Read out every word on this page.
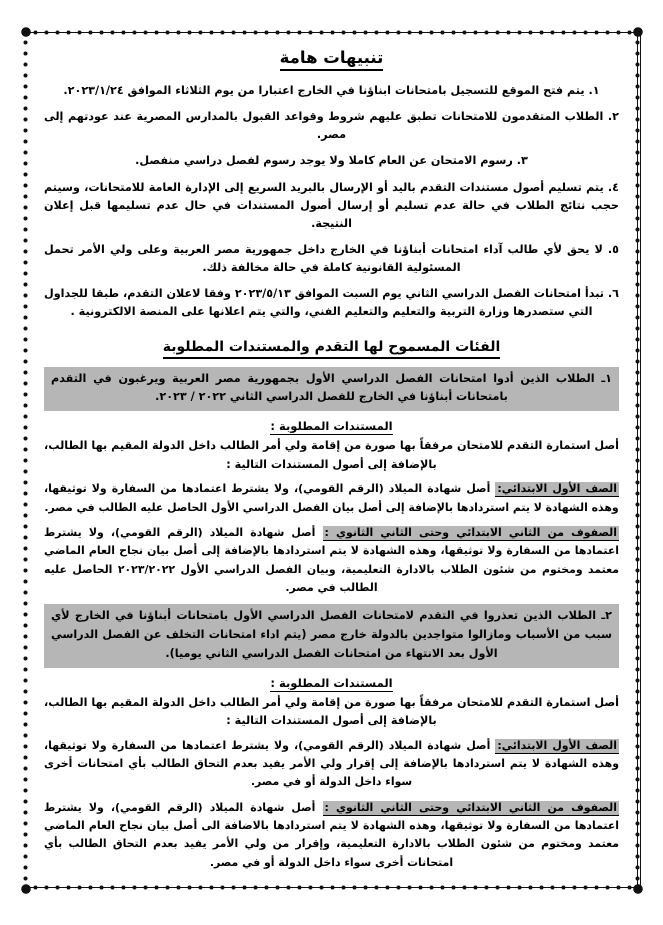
تنبيهات هامة
١. يتم فتح الموقع للتسجيل بامتحانات ابناؤنا في الخارج اعتبارا من يوم الثلاثاء الموافق ٢٠٢٣/١/٢٤.
٢. الطلاب المتقدمون للامتحانات تطبق عليهم شروط وقواعد القبول بالمدارس المصرية عند عودتهم إلى مصر.
٣. رسوم الامتحان عن العام كاملا ولا يوجد رسوم لفصل دراسي منفصل.
٤. يتم تسليم أصول مستندات التقدم باليد أو الإرسال بالبريد السريع إلى الإدارة العامة للامتحانات، وسيتم حجب نتائج الطلاب في حالة عدم تسليم أو إرسال أصول المستندات في حال عدم تسليمها قبل إعلان النتيجة.
٥. لا يحق لأي طالب آداء امتحانات أبناؤنا في الخارج داخل جمهورية مصر العربية وعلى ولي الأمر تحمل المسئولية القانونية كاملة في حالة مخالفة ذلك.
٦. تبدأ امتحانات الفصل الدراسي الثاني يوم السبت الموافق ٢٠٢٣/٥/١٣ وفقا لاعلان التقدم، طبقا للجداول التي ستصدرها وزارة التربية والتعليم والتعليم الفني، والتي يتم اعلانها على المنصة الالكترونية .
الفئات المسموح لها التقدم والمستندات المطلوبة
١ـ الطلاب الذين أدوا امتحانات الفصل الدراسي الأول بجمهورية مصر العربية ويرغبون في التقدم بامتحانات أبناؤنا في الخارج للفصل الدراسي الثاني ٢٠٢٢ / ٢٠٢٣.
المستندات المطلوبة :

أصل استمارة التقدم للامتحان مرفقاً بها صورة من إقامة ولي أمر الطالب داخل الدولة المقيم بها الطالب، بالإضافة إلى أصول المستندات التالية :

الصف الأول الابتدائي: أصل شهادة الميلاد (الرقم القومي)، ولا يشترط اعتمادها من السفارة ولا توثيقها، وهذه الشهادة لا يتم استردادها بالإضافة إلى أصل بيان الفصل الدراسي الأول الحاصل عليه الطالب في مصر.

الصفوف من الثاني الابتدائي وحتى الثاني الثانوي : أصل شهادة الميلاد (الرقم القومي)، ولا يشترط اعتمادها من السفارة ولا توثيقها، وهذه الشهادة لا يتم استردادها بالإضافة إلى أصل بيان نجاح العام الماضي معتمد ومختوم من شئون الطلاب بالادارة التعليمية، وبيان الفصل الدراسي الأول ٢٠٢٣/٢٠٢٢ الحاصل عليه الطالب في مصر.

٢ـ الطلاب الذين تعذروا في التقدم لامتحانات الفصل الدراسي الأول بامتحانات أبناؤنا في الخارج لأي سبب من الأسباب ومازالوا متواجدين بالدولة خارج مصر (يتم اداء امتحانات التخلف عن الفصل الدراسي الأول بعد الانتهاء من امتحانات الفصل الدراسي الثاني يوميا).
المستندات المطلوبة :

أصل استمارة التقدم للامتحان مرفقاً بها صورة من إقامة ولي أمر الطالب داخل الدولة المقيم بها الطالب، بالإضافة إلى أصول المستندات التالية :

الصف الأول الابتدائي: أصل شهادة الميلاد (الرقم القومي)، ولا يشترط اعتمادها من السفارة ولا توثيقها، وهذه الشهادة لا يتم استردادها بالإضافة إلى إقرار ولي الأمر يفيد بعدم التحاق الطالب بأي امتحانات أخرى سواء داخل الدولة أو في مصر.

الصفوف من الثاني الابتدائي وحتى الثاني الثانوي : أصل شهادة الميلاد (الرقم القومي)، ولا يشترط اعتمادها من السفارة ولا توثيقها، وهذه الشهادة لا يتم استردادها بالاضافة الى أصل بيان نجاح العام الماضي معتمد ومختوم من شئون الطلاب بالادارة التعليمية، وإقرار من ولي الأمر يفيد بعدم التحاق الطالب بأي امتحانات أخرى سواء داخل الدولة أو في مصر.
